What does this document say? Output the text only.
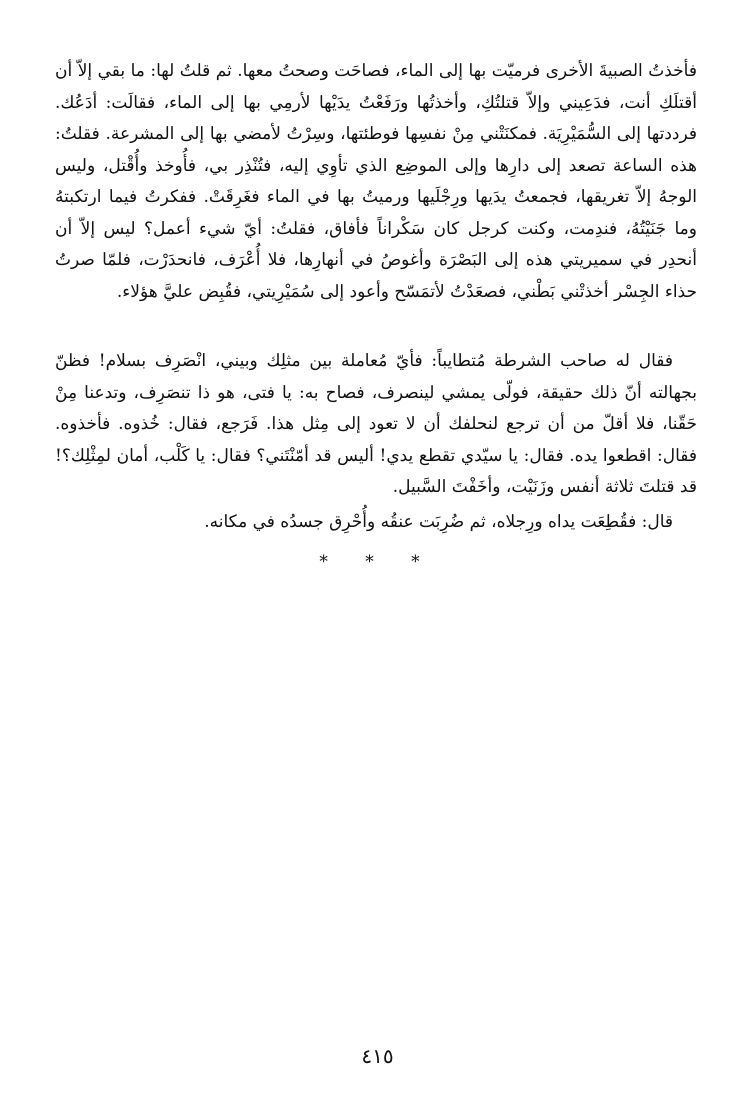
فأخذتُ الصبيةَ الأخرى فرميّت بها إلى الماء، فصاحَت وصحتُ معها. ثم قلتُ لها: ما بقي إلاّ أن أقتلَكِ أنت، فدَعِيني وإلاّ قتلتُكِ، وأخذتُها ورَفَعْتُ يدَيْها لأرمِي بها إلى الماء، فقالَت: أدَعُك. فرددتها إلى السُّمَيْرِيَة. فمكنَتْني مِنْ نفسِها فوطئتها، وسِرْتُ لأمضي بها إلى المشرعة. فقلتُ: هذه الساعة تصعد إلى دارِها وإلى الموضِع الذي تأوِي إليه، فتُنْذِر بي، فأُوخذ وأُقْتل، وليس الوجهُ إلاّ تغريقها، فجمعتُ يدَيها ورِجْلَيها ورميتُ بها في الماء فغَرِقَتْ. ففكرتُ فيما ارتكبتهُ وما جَنَيْتُهُ، فندِمت، وكنت كرجل كان سَكْراناً فأفاق، فقلتُ: أيّ شيء أعمل؟ ليس إلاّ أن أنحدِر في سميريتي هذه إلى البَصْرَة وأغوصُ في أنهارِها، فلا أُعْرَف، فانحدَرْت، فلمّا صرتُ حذاء الجِسْر أخذتْني بَطْني، فصعَدْتُ لأتمَسّح وأعود إلى سُمَيْرِيتي، فقُبِض عليَّ هؤلاء.

فقال له صاحب الشرطة مُتطايباً: فأيّ مُعاملة بين مثلِك وبيني، انْصَرِف بسلام! فظنّ بجهالته أنّ ذلك حقيقة، فولّى يمشي لينصرف، فصاح به: يا فتى، هو ذا تنصَرِف، وتدعنا مِنْ حَقّنا، فلا أقلّ من أن ترجع لنحلفك أن لا تعود إلى مِثل هذا. فَرَجع، فقال: خُذوه. فأخذوه. فقال: اقطعوا يده. فقال: يا سيّدي تقطع يدي! أليس قد أمّنْتَني؟ فقال: يا كَلْب، أمان لمِثْلِك؟! قد قتلتَ ثلاثة أنفس وزَنَيْت، وأخَفْتَ السَّبيل.

قال: فقُطِعَت يداه ورِجلاه، ثم ضُرِبَت عنقُه وأُحْرِق جسدُه في مكانه.

* * *
٤١٥
